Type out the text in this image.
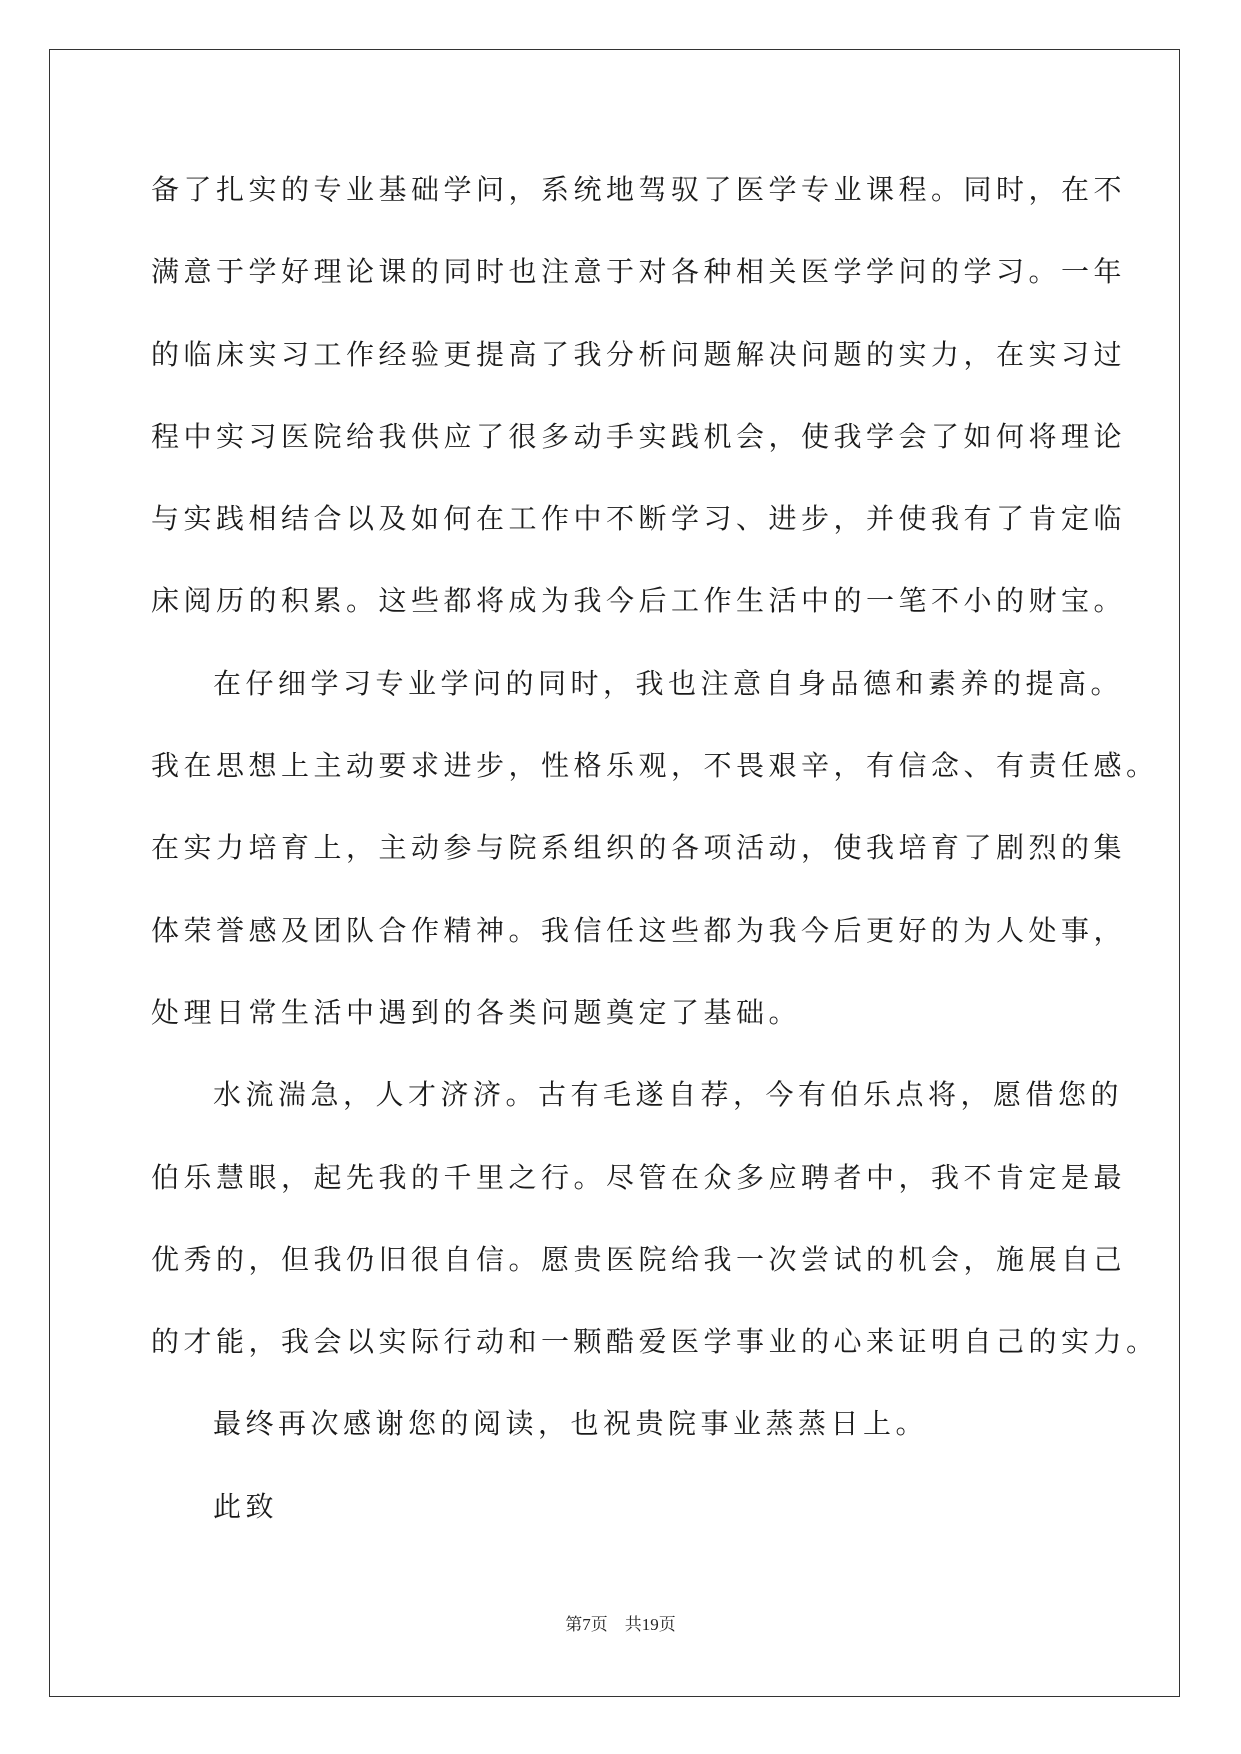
备了扎实的专业基础学问，系统地驾驭了医学专业课程。同时，在不
满意于学好理论课的同时也注意于对各种相关医学学问的学习。一年
的临床实习工作经验更提高了我分析问题解决问题的实力，在实习过
程中实习医院给我供应了很多动手实践机会，使我学会了如何将理论
与实践相结合以及如何在工作中不断学习、进步，并使我有了肯定临
床阅历的积累。这些都将成为我今后工作生活中的一笔不小的财宝。
在仔细学习专业学问的同时，我也注意自身品德和素养的提高。
我在思想上主动要求进步，性格乐观，不畏艰辛，有信念、有责任感。
在实力培育上，主动参与院系组织的各项活动，使我培育了剧烈的集
体荣誉感及团队合作精神。我信任这些都为我今后更好的为人处事，
处理日常生活中遇到的各类问题奠定了基础。
水流湍急，人才济济。古有毛遂自荐，今有伯乐点将，愿借您的
伯乐慧眼，起先我的千里之行。尽管在众多应聘者中，我不肯定是最
优秀的，但我仍旧很自信。愿贵医院给我一次尝试的机会，施展自己
的才能，我会以实际行动和一颗酷爱医学事业的心来证明自己的实力。
最终再次感谢您的阅读，也祝贵院事业蒸蒸日上。
此致
第7页 共19页
